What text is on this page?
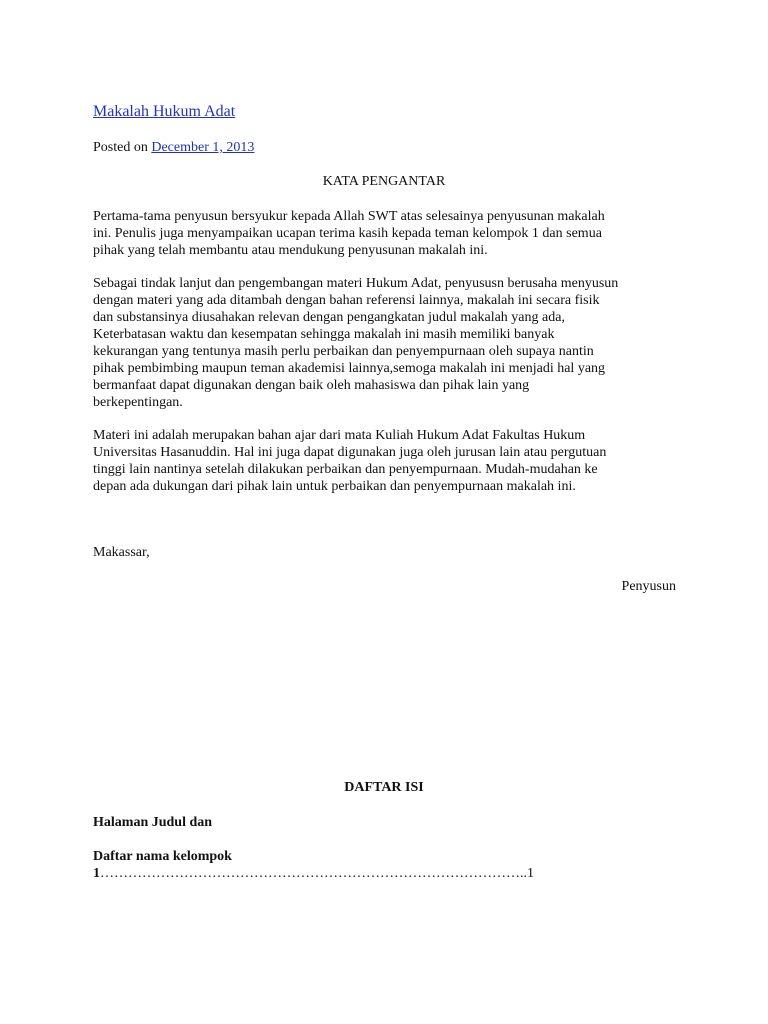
Makalah Hukum Adat
Posted on December 1, 2013
KATA PENGANTAR

Pertama-tama penyusun bersyukur kepada Allah SWT atas selesainya penyusunan makalah
ini. Penulis juga menyampaikan ucapan terima kasih kepada teman kelompok 1 dan semua
pihak yang telah membantu atau mendukung penyusunan makalah ini.

Sebagai tindak lanjut dan pengembangan materi Hukum Adat, penyususn berusaha menyusun
dengan materi yang ada ditambah dengan bahan referensi lainnya, makalah ini secara fisik
dan substansinya diusahakan relevan dengan pengangkatan judul makalah yang ada,
Keterbatasan waktu dan kesempatan sehingga makalah ini masih memiliki banyak
kekurangan yang tentunya masih perlu perbaikan dan penyempurnaan oleh supaya nantin
pihak pembimbing maupun teman akademisi lainnya,semoga makalah ini menjadi hal yang
bermanfaat dapat digunakan dengan baik oleh mahasiswa dan pihak lain yang
berkepentingan.

Materi ini adalah merupakan bahan ajar dari mata Kuliah Hukum Adat Fakultas Hukum
Universitas Hasanuddin. Hal ini juga dapat digunakan juga oleh jurusan lain atau pergutuan
tinggi lain nantinya setelah dilakukan perbaikan dan penyempurnaan. Mudah-mudahan ke
depan ada dukungan dari pihak lain untuk perbaikan dan penyempurnaan makalah ini.

Makassar,
Penyusun
DAFTAR ISI
Halaman Judul dan
Daftar nama kelompok
1………………………………………………………………………………..1
